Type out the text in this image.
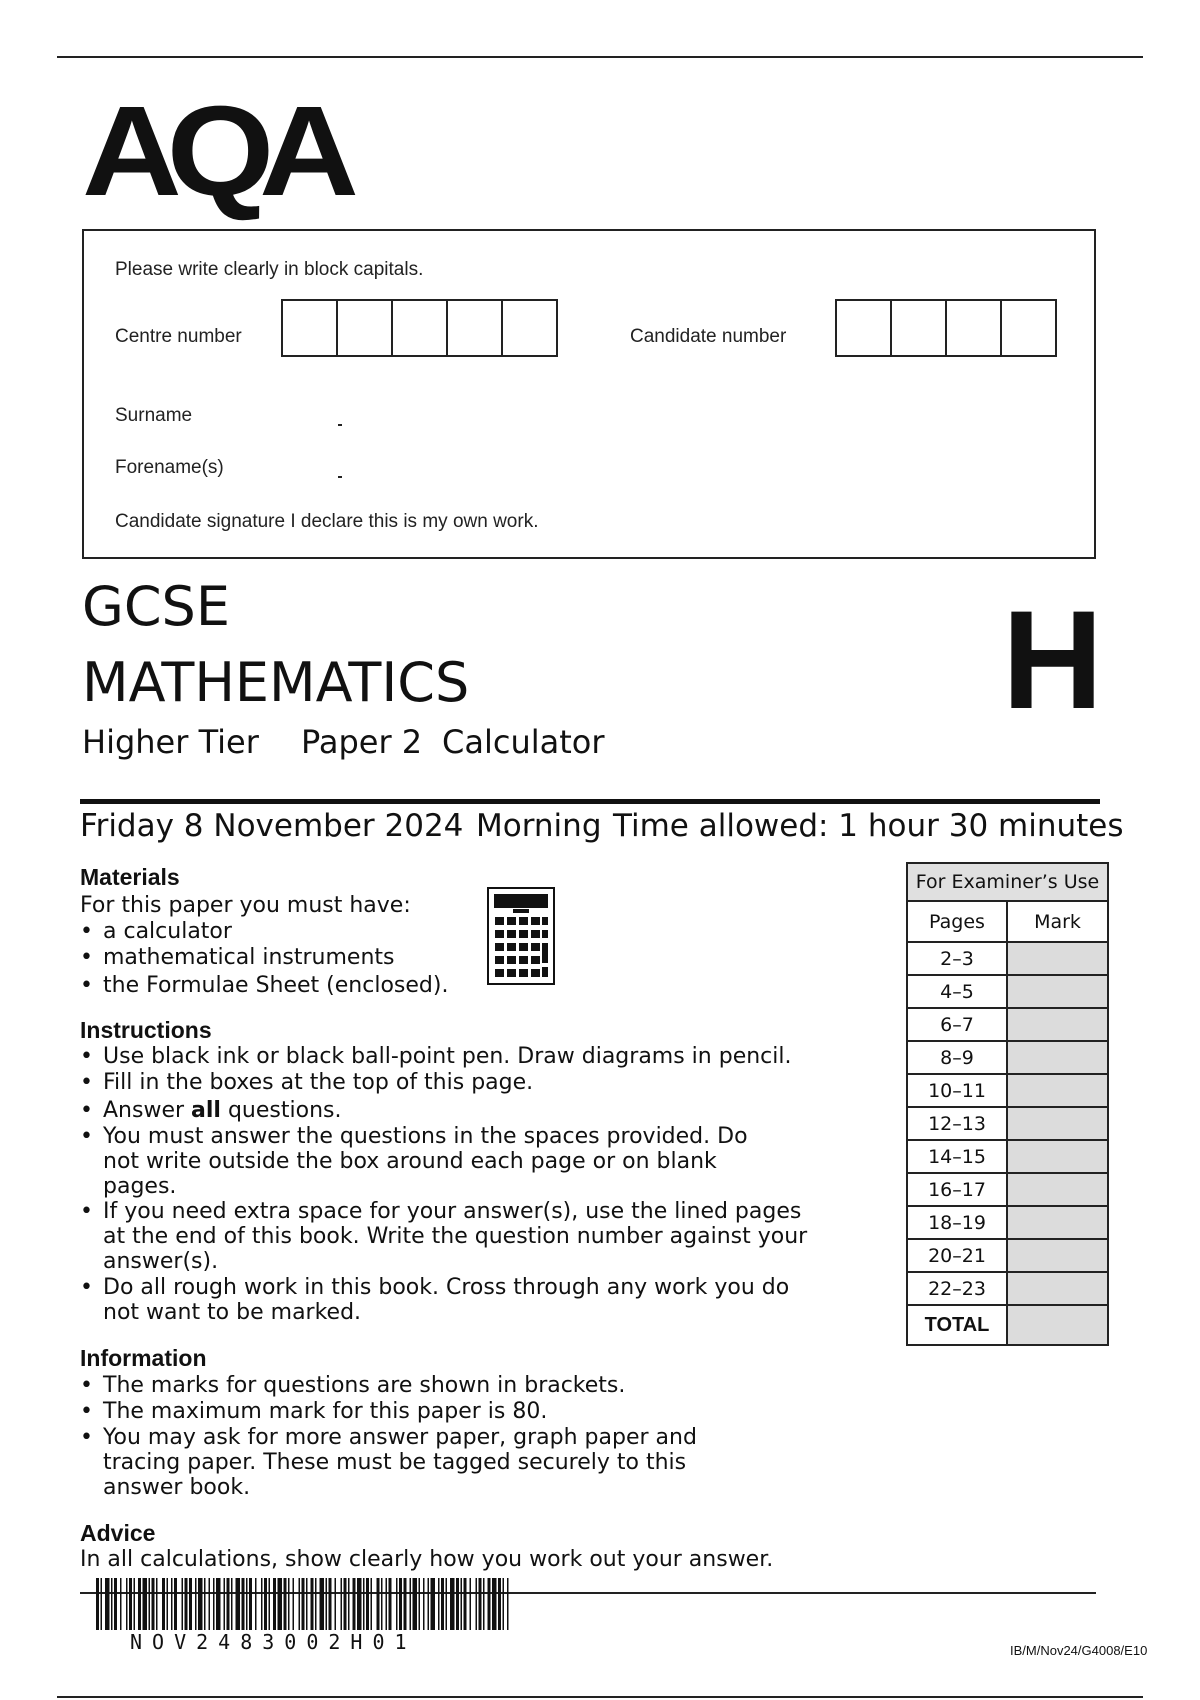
AQA
Please write clearly in block capitals.
Centre number	Candidate number
Surname
Forename(s)
Candidate signature I declare this is my own work.
GCSE
MATHEMATICS
Higher Tier Paper 2 Calculator
H
Friday 8 November 2024 Morning Time allowed: 1 hour 30 minutes
Materials
For this paper you must have:
• a calculator
• mathematical instruments
• the Formulae Sheet (enclosed).
Instructions
• Use black ink or black ball-point pen. Draw diagrams in pencil.
• Fill in the boxes at the top of this page.
• Answer all questions.
• You must answer the questions in the spaces provided. Do
not write outside the box around each page or on blank
pages.
• If you need extra space for your answer(s), use the lined pages
at the end of this book. Write the question number against your
answer(s).
• Do all rough work in this book. Cross through any work you do
not want to be marked.
Information
• The marks for questions are shown in brackets.
• The maximum mark for this paper is 80.
• You may ask for more answer paper, graph paper and
tracing paper. These must be tagged securely to this
answer book.
Advice
In all calculations, show clearly how you work out your answer.
For Examiner’s Use	
Pages	Mark
2–3	
4–5	
6–7	
8–9	
10–11	
12–13	
14–15	
16–17	
18–19	
20–21	
22–23	
TOTAL	
NOV2483002H01	IB/M/Nov24/G4008/E10
